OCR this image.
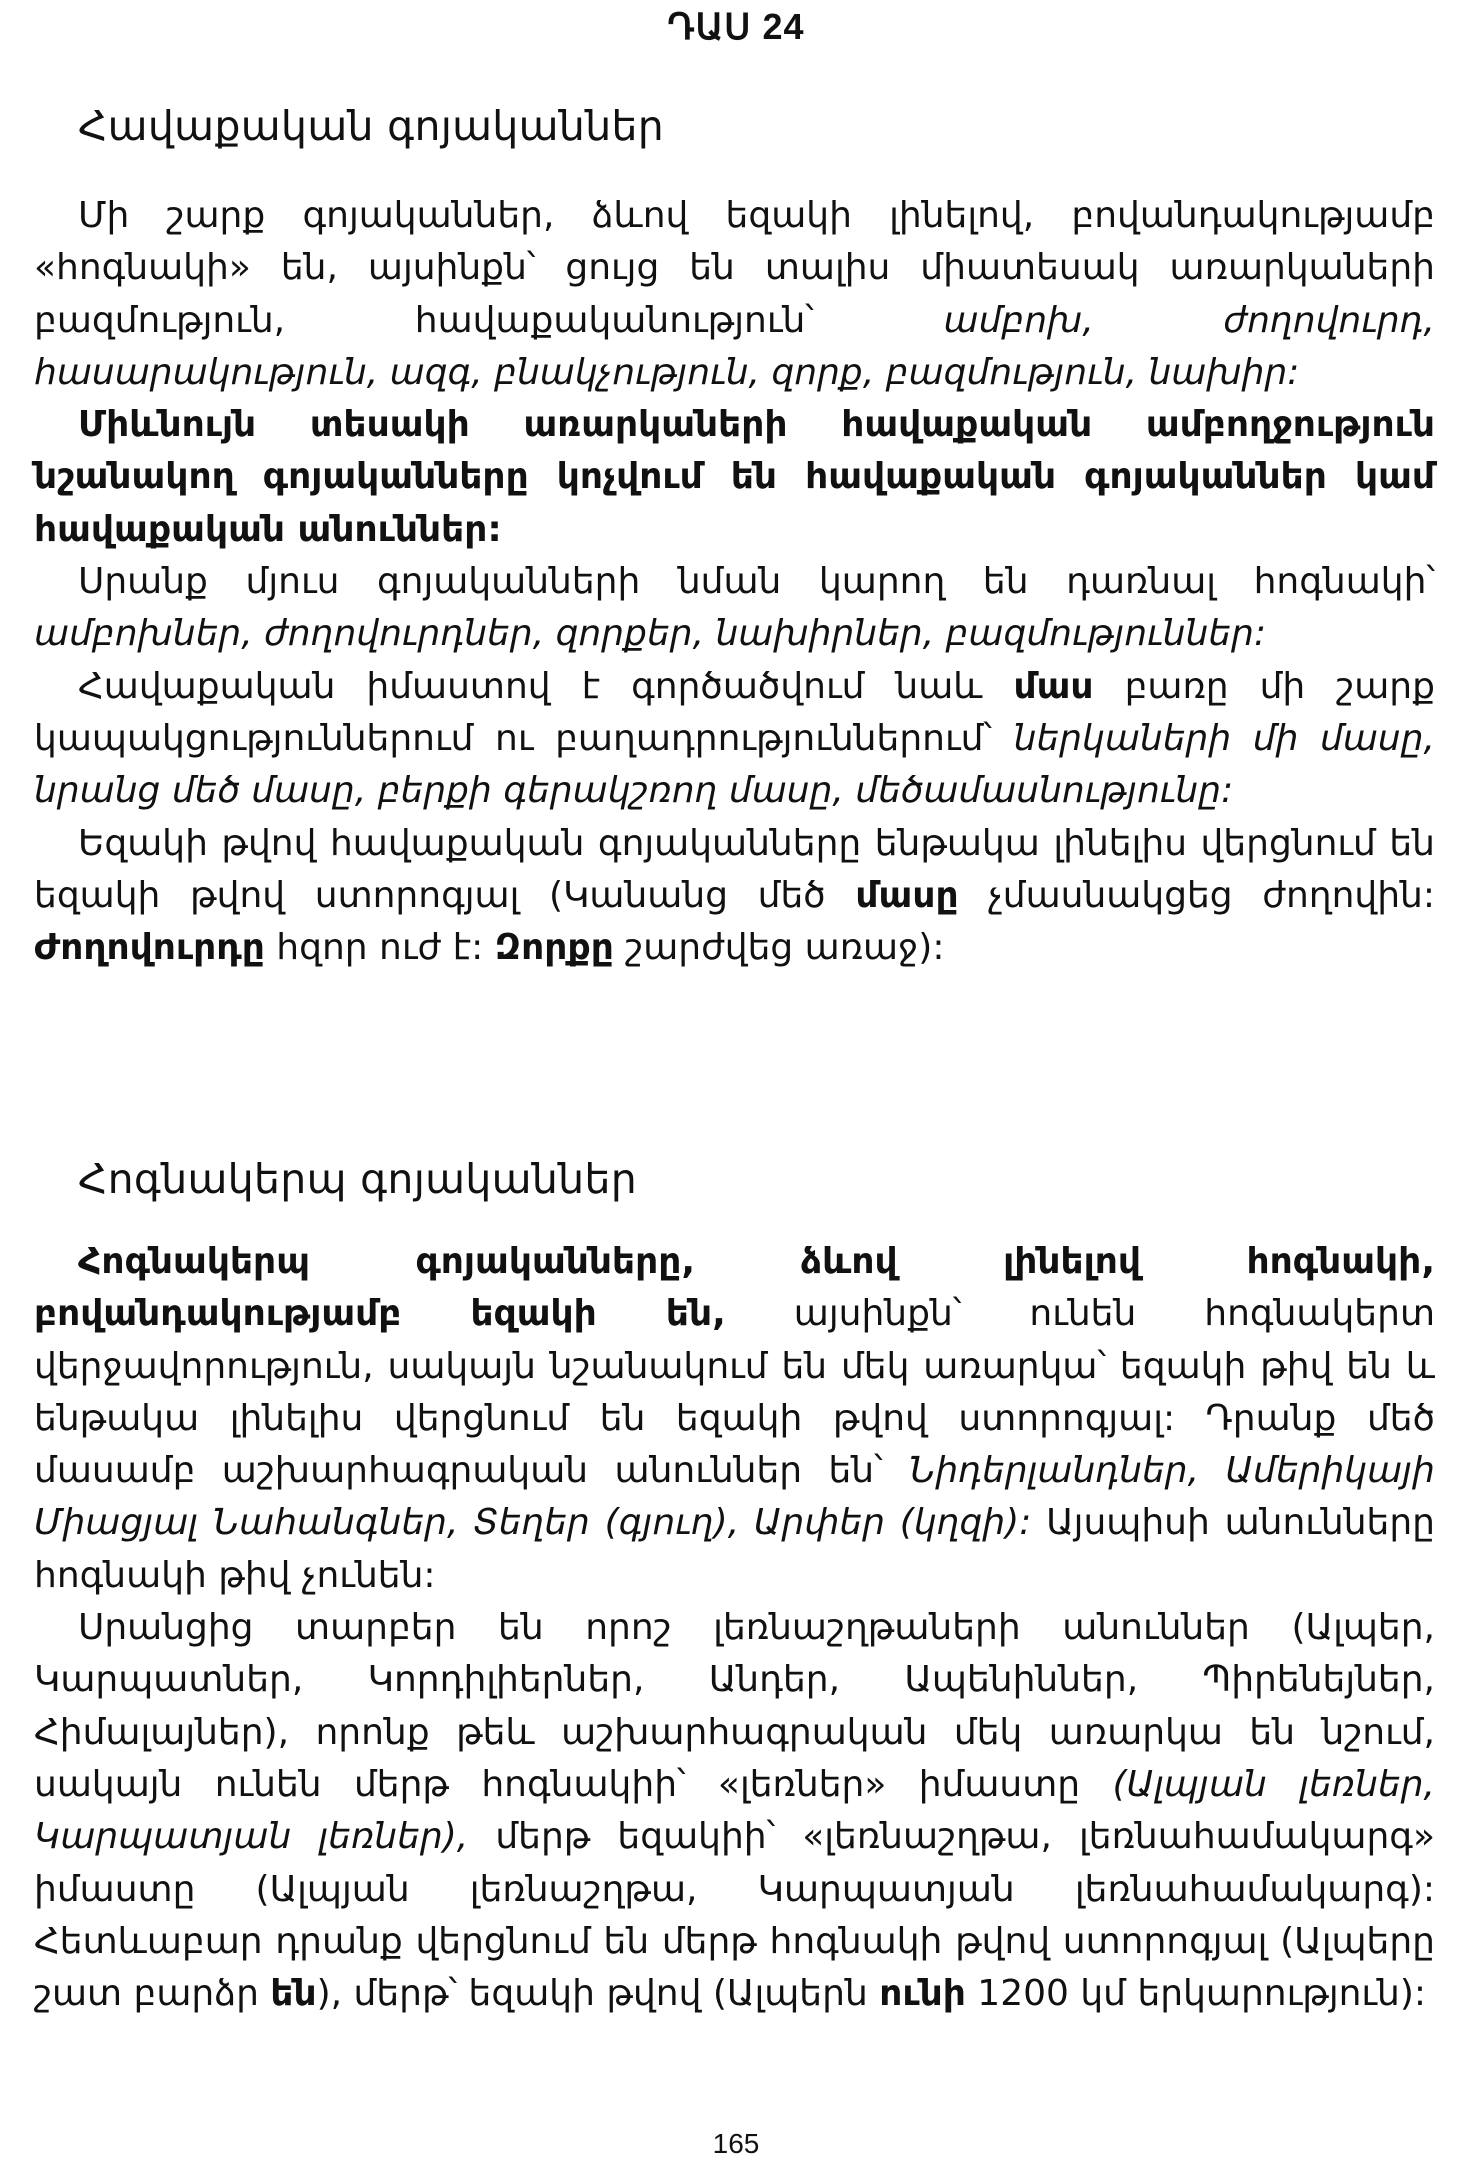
ԴԱՍ 24
Հավաքական գոյականներ

Մի շարք գոյականներ, ձևով եզակի լինելով, բովանդակությամբ «հոգնակի» են, այսինքն՝ ցույց են տալիս միատեսակ առարկաների բազմություն, հավաքականություն՝ ամբոխ, ժողովուրդ, հասարակություն, ազգ, բնակչություն, զորք, բազմություն, նախիր:

Միևնույն տեսակի առարկաների հավաքական ամբողջություն նշանակող գոյականները կոչվում են հավաքական գոյականներ կամ հավաքական անուններ:

Սրանք մյուս գոյականների նման կարող են դառնալ հոգնակի՝ ամբոխներ, ժողովուրդներ, զորքեր, նախիրներ, բազմություններ:

Հավաքական իմաստով է գործածվում նաև մաս բառը մի շարք կապակցություններում ու բաղադրություններում՝ ներկաների մի մասը, նրանց մեծ մասը, բերքի գերակշռող մասը, մեծամասնությունը:

Եզակի թվով հավաքական գոյականները ենթակա լինելիս վերցնում են եզակի թվով ստորոգյալ (Կանանց մեծ մասը չմասնակցեց ժողովին: Ժողովուրդը հզոր ուժ է: Զորքը շարժվեց առաջ):

Հոգնակերպ գոյականներ

Հոգնակերպ գոյականները, ձևով լինելով հոգնակի, բովանդակությամբ եզակի են, այսինքն՝ ունեն հոգնակերտ վերջավորություն, սակայն նշանակում են մեկ առարկա՝ եզակի թիվ են և ենթակա լինելիս վերցնում են եզակի թվով ստորոգյալ: Դրանք մեծ մասամբ աշխարհագրական անուններ են՝ Նիդերլանդներ, Ամերիկայի Միացյալ Նահանգներ, Տեղեր (գյուղ), Արփեր (կղզի): Այսպիսի անունները հոգնակի թիվ չունեն:

Սրանցից տարբեր են որոշ լեռնաշղթաների անուններ (Ալպեր, Կարպատներ, Կորդիլիերներ, Անդեր, Ապենիններ, Պիրենեյներ, Հիմալայներ), որոնք թեև աշխարհագրական մեկ առարկա են նշում, սակայն ունեն մերթ հոգնակիի՝ «լեռներ» իմաստը (Ալպյան լեռներ, Կարպատյան լեռներ), մերթ եզակիի՝ «լեռնաշղթա, լեռնահամակարգ» իմաստը (Ալպյան լեռնաշղթա, Կարպատյան լեռնահամակարգ): Հետևաբար դրանք վերցնում են մերթ հոգնակի թվով ստորոգյալ (Ալպերը շատ բարձր են), մերթ՝ եզակի թվով (Ալպերն ունի 1200 կմ երկարություն):

165
